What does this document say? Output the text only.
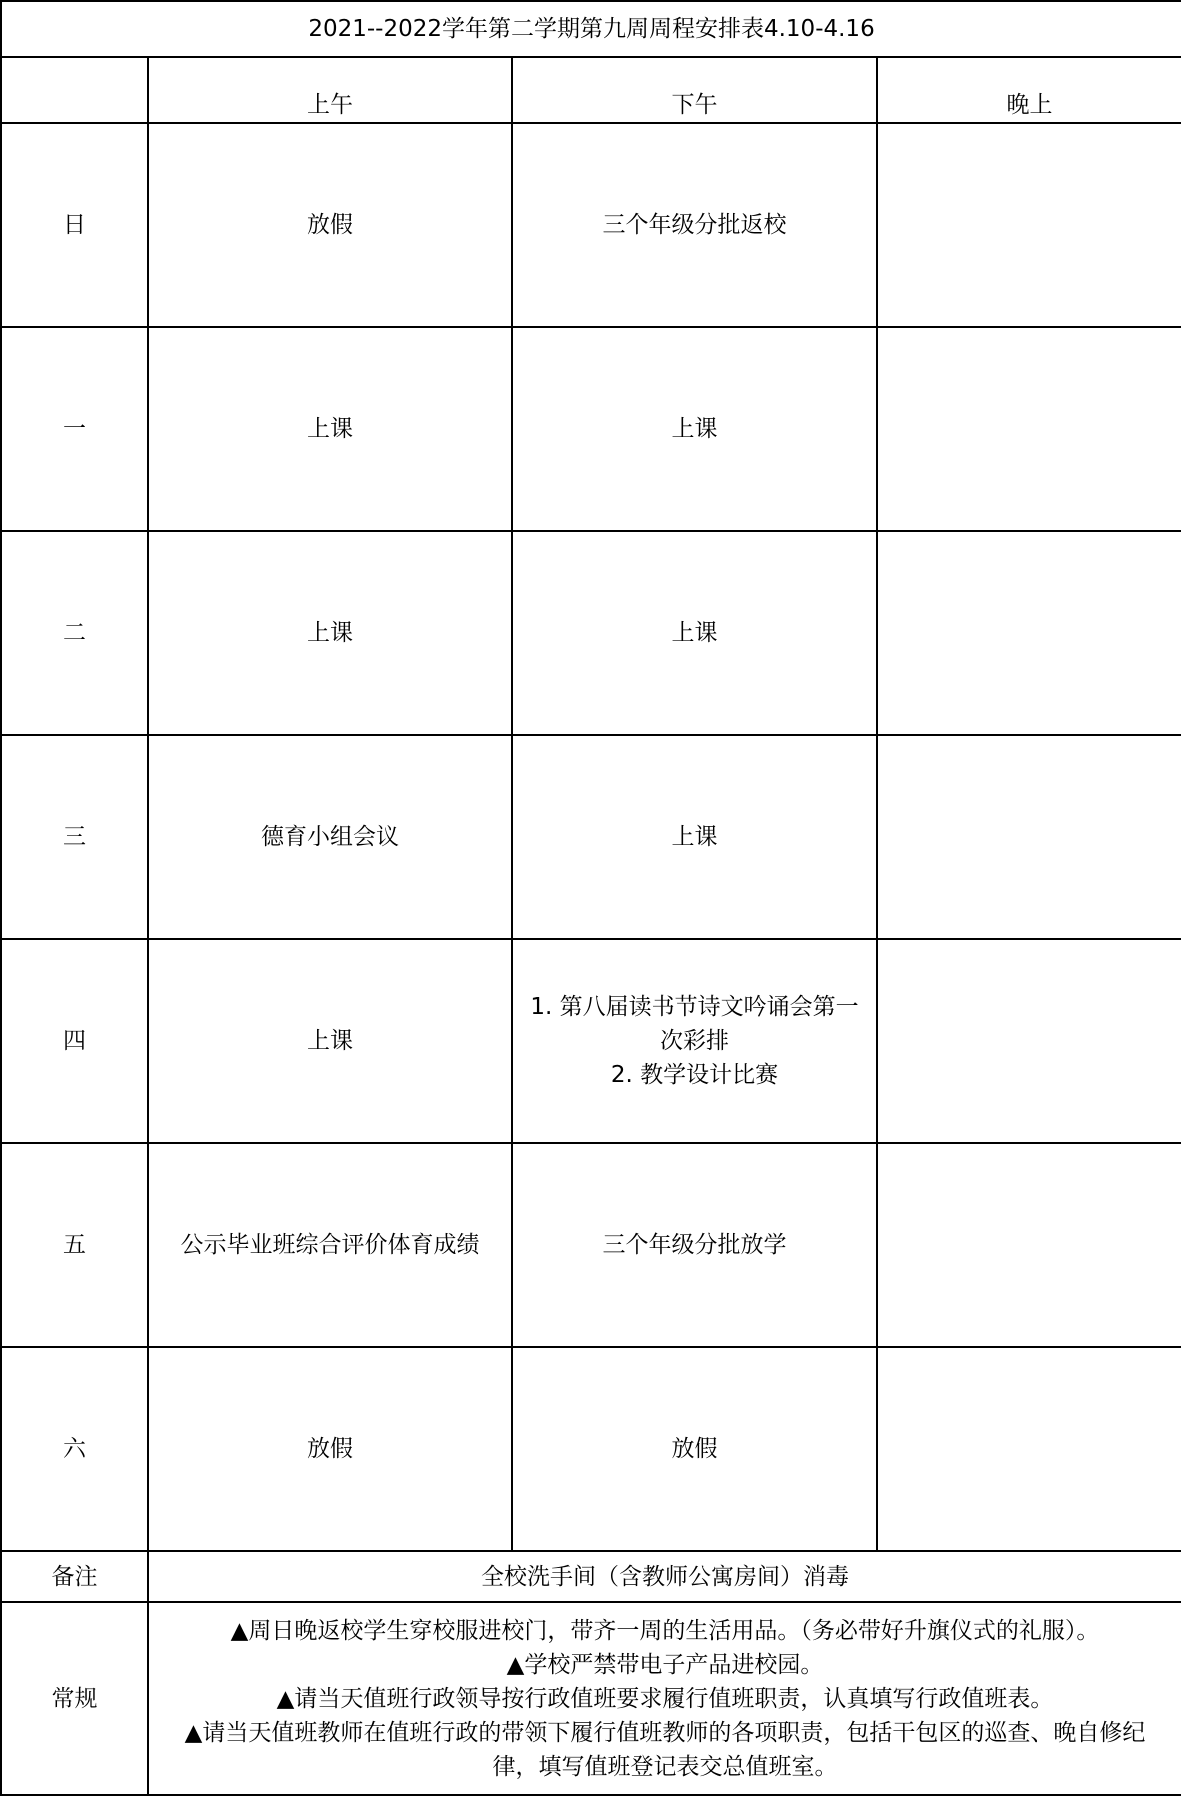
2021--2022学年第二学期第九周周程安排表4.10-4.16			
	上午	下午	晚上
日	放假	三个年级分批返校	

一	上课	上课	

二	上课	上课	

三	德育小组会议	上课	

四	上课	1. 第八届读书节诗文吟诵会第一
次彩排
2. 教学设计比赛	

五	公示毕业班综合评价体育成绩	三个年级分批放学	

六	放假	放假	

备注	全校洗手间（含教师公寓房间）消毒		
常规	▲周日晚返校学生穿校服进校门，带齐一周的生活用品。（务必带好升旗仪式的礼服）。
▲学校严禁带电子产品进校园。
▲请当天值班行政领导按行政值班要求履行值班职责，认真填写行政值班表。
▲请当天值班教师在值班行政的带领下履行值班教师的各项职责，包括干包区的巡查、晚自修纪
律，填写值班登记表交总值班室。		
